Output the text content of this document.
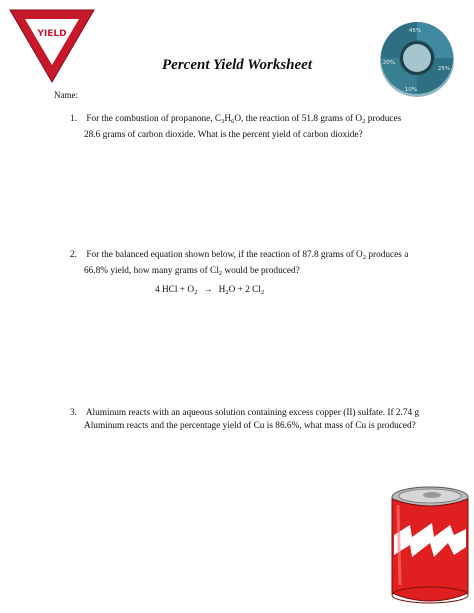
YIELD	45%
20%
25%
10%
Percent Yield Worksheet
Name:
1. For the combustion of propanone, $C_3H_6O$, the reaction of 51.8 grams of $O_2$ produces
28.6 grams of carbon dioxide. What is the percent yield of carbon dioxide?
2. For the balanced equation shown below, if the reaction of 87.8 grams of $O_2$ produces a
66.8% yield, how many grams of $Cl_2$ would be produced?
4 HCl + $O_2 \to H_2O + 2$ $Cl_2$
3. Aluminum reacts with an aqueous solution containing excess copper (II) sulfate. If 2.74 g
Aluminum reacts and the percentage yield of Cu is 86.6%, what mass of Cu is produced?
